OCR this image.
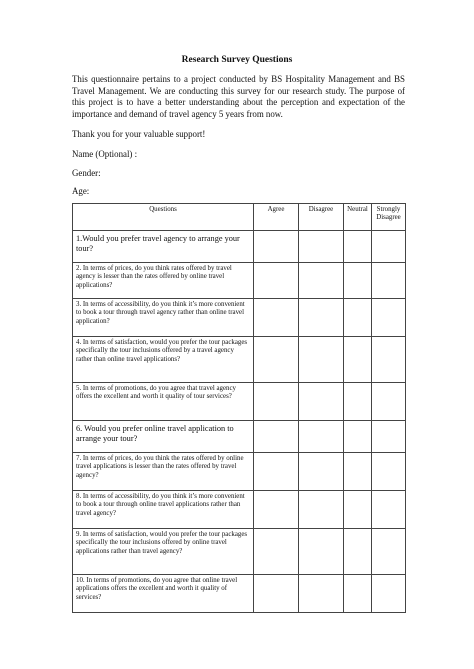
Research Survey Questions

This questionnaire pertains to a project conducted by BS Hospitality Management and BS Travel Management. We are conducting this survey for our research study. The purpose of this project is to have a better understanding about the perception and expectation of the importance and demand of travel agency 5 years from now.

Thank you for your valuable support!

Name (Optional) :

Gender:

Age:

Questions	Agree	Disagree	Neutral	Strongly Disagree
1.Would you prefer travel agency to arrange your tour?				
2. In terms of prices, do you think rates offered by travel agency is lesser than the rates offered by online travel applications?				
3. In terms of accessibility, do you think it’s more convenient to book a tour through travel agency rather than online travel application?				
4. In terms of satisfaction, would you prefer the tour packages specifically the tour inclusions offered by a travel agency rather than online travel applications?				
5. In terms of promotions, do you agree that travel agency offers the excellent and worth it quality of tour services?				
6. Would you prefer online travel application to arrange your tour?				
7. In terms of prices, do you think the rates offered by online travel applications is lesser than the rates offered by travel agency?				
8. In terms of accessibility, do you think it’s more convenient to book a tour through online travel applications rather than travel agency?				
9. In terms of satisfaction, would you prefer the tour packages specifically the tour inclusions offered by online travel applications rather than travel agency?				
10. In terms of promotions, do you agree that online travel applications offers the excellent and worth it quality of services?				
